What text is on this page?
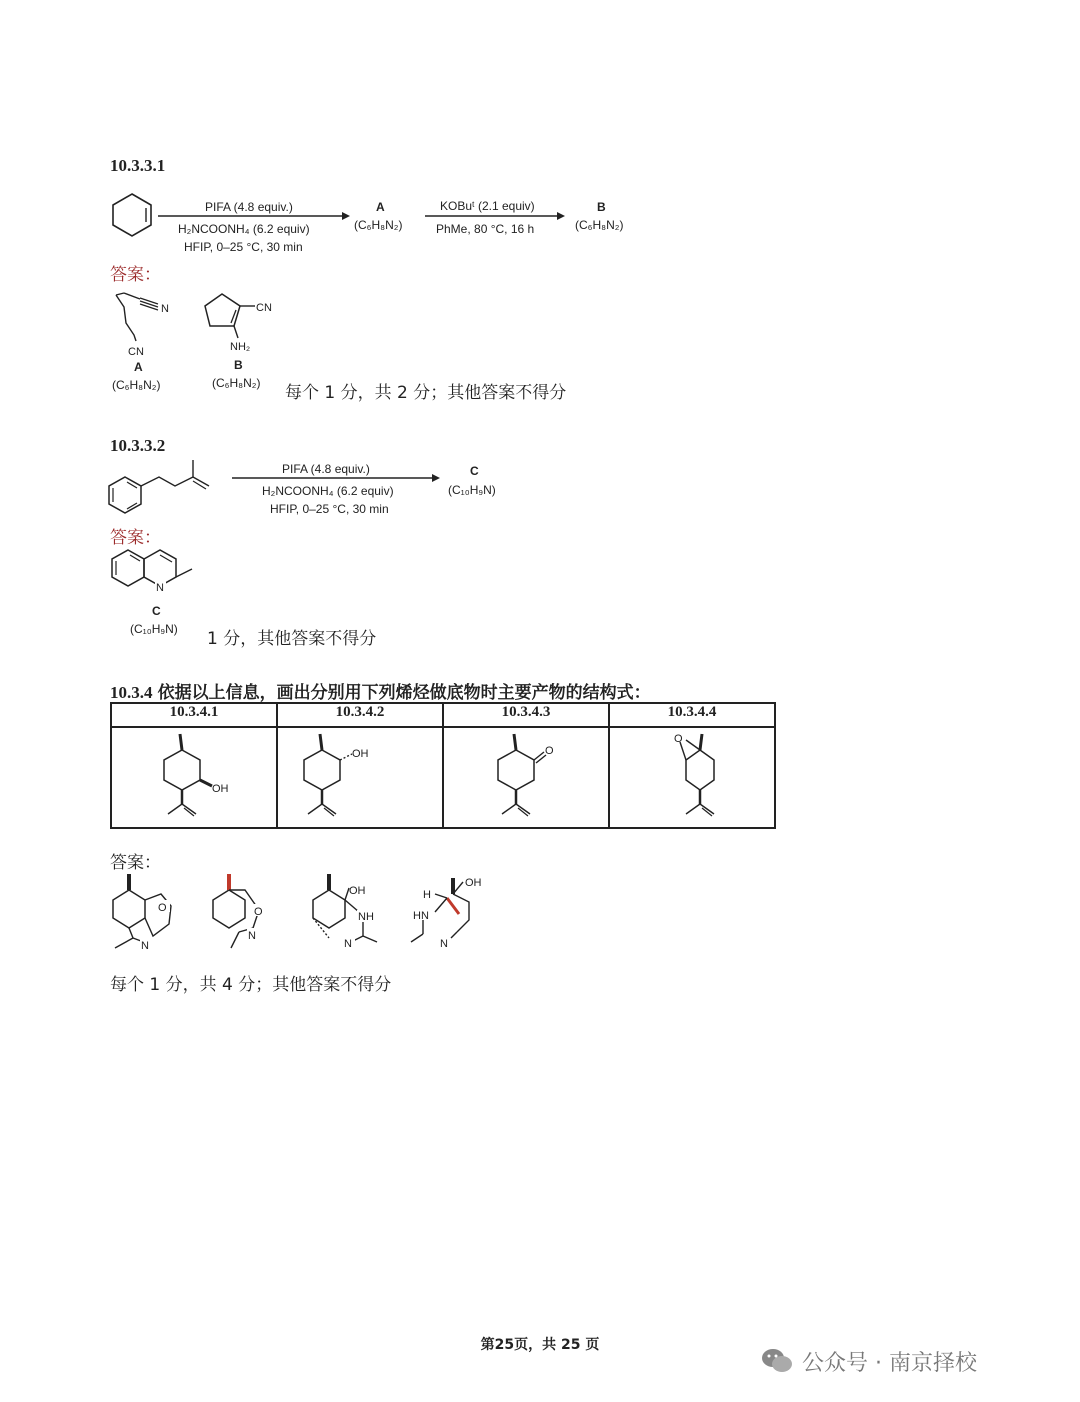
10.3.3.1
PIFA (4.8 equiv.)
H₂NCOONH₄ (6.2 equiv)
HFIP, 0–25 °C, 30 min
A
(C₆H₈N₂)
KOBuᵗ (2.1 equiv)
PhMe, 80 °C, 16 h
B
(C₆H₈N₂)
答案：
N
CN
CN
NH₂
A
(C₆H₈N₂)
B
(C₆H₈N₂) 每个 1 分，共 2 分；其他答案不得分
10.3.3.2
PIFA (4.8 equiv.)
H₂NCOONH₄ (6.2 equiv)
HFIP, 0–25 °C, 30 min
C
(C₁₀H₉N)
答案：
N
C
(C₁₀H₉N) 1 分，其他答案不得分
10.3.4 依据以上信息，画出分别用下列烯烃做底物时主要产物的结构式：
10.3.4.1	10.3.4.2	10.3.4.3	10.3.4.4

OH	OH	O	O
答案：
O
N
O
N
OH
NH
N
H
OH
HN
N
每个 1 分，共 4 分；其他答案不得分
第25页，共 25 页
公众号 · 南京择校
